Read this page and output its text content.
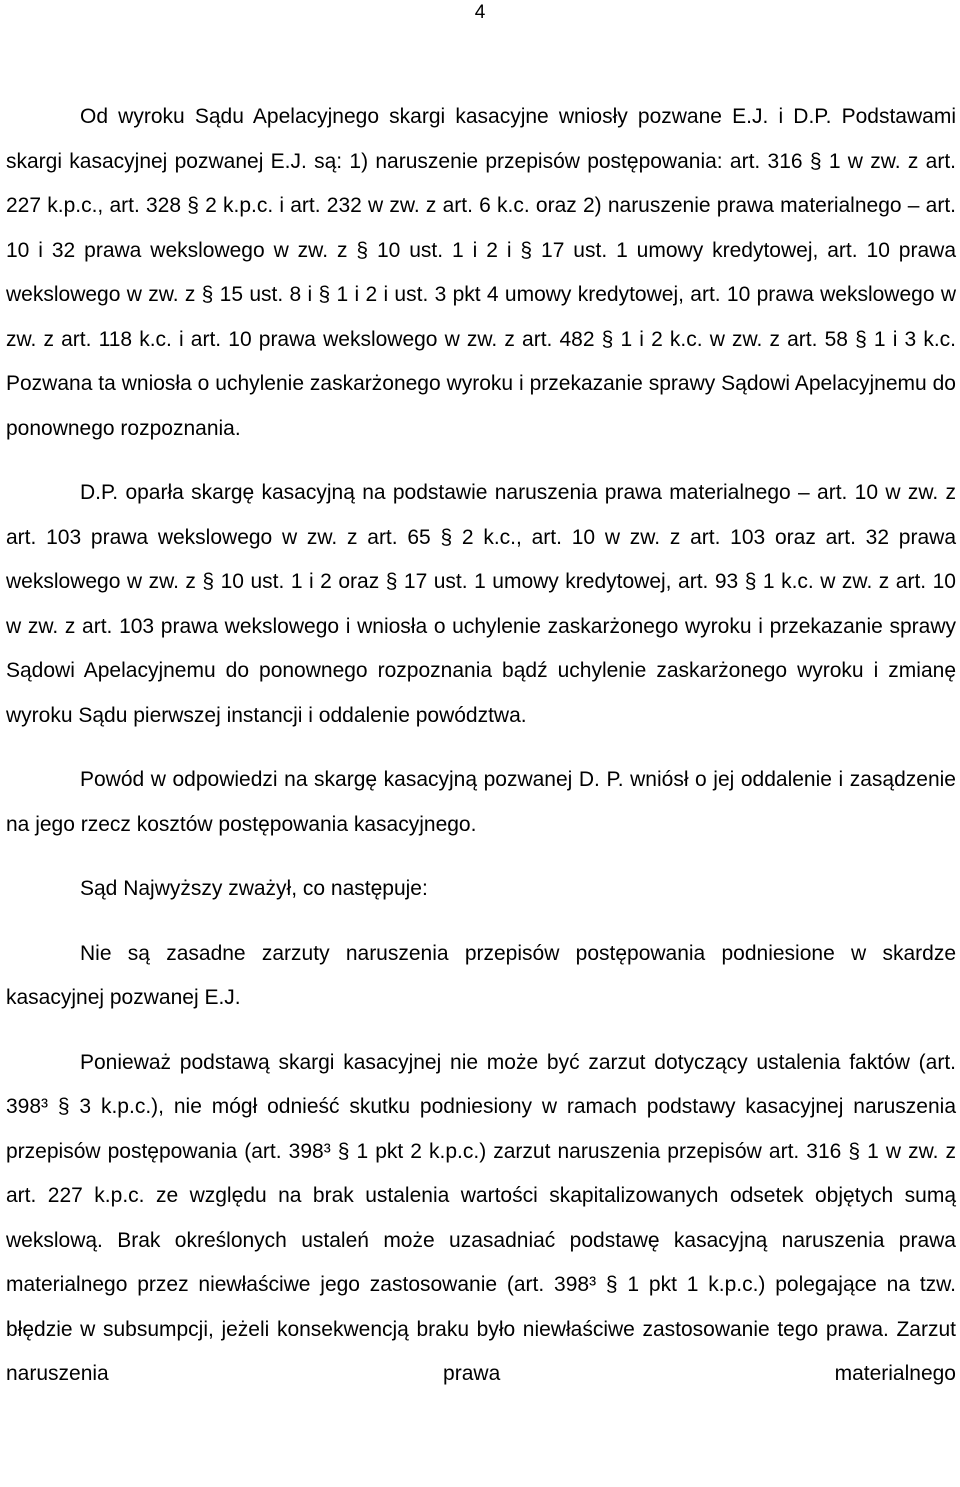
4

Od wyroku Sądu Apelacyjnego skargi kasacyjne wniosły pozwane E.J. i D.P. Podstawami skargi kasacyjnej pozwanej E.J. są: 1) naruszenie przepisów postępowania: art. 316 § 1 w zw. z art. 227 k.p.c., art. 328 § 2 k.p.c. i art. 232 w zw. z art. 6 k.c. oraz 2) naruszenie prawa materialnego – art. 10 i 32 prawa wekslowego w zw. z § 10 ust. 1 i 2 i § 17 ust. 1 umowy kredytowej, art. 10 prawa wekslowego w zw. z § 15 ust. 8 i § 1 i 2 i ust. 3 pkt 4 umowy kredytowej, art. 10 prawa wekslowego w zw. z art. 118 k.c. i art. 10 prawa wekslowego w zw. z art. 482 § 1 i 2 k.c. w zw. z art. 58 § 1 i 3 k.c. Pozwana ta wniosła o uchylenie zaskarżonego wyroku i przekazanie sprawy Sądowi Apelacyjnemu do ponownego rozpoznania.

D.P. oparła skargę kasacyjną na podstawie naruszenia prawa materialnego – art. 10 w zw. z art. 103 prawa wekslowego w zw. z art. 65 § 2 k.c., art. 10 w zw. z art. 103 oraz art. 32 prawa wekslowego w zw. z § 10 ust. 1 i 2 oraz § 17 ust. 1 umowy kredytowej, art. 93 § 1 k.c. w zw. z art. 10 w zw. z art. 103 prawa wekslowego i wniosła o uchylenie zaskarżonego wyroku i przekazanie sprawy Sądowi Apelacyjnemu do ponownego rozpoznania bądź uchylenie zaskarżonego wyroku i zmianę wyroku Sądu pierwszej instancji i oddalenie powództwa.

Powód w odpowiedzi na skargę kasacyjną pozwanej D. P. wniósł o jej oddalenie i zasądzenie na jego rzecz kosztów postępowania kasacyjnego.

Sąd Najwyższy zważył, co następuje:

Nie są zasadne zarzuty naruszenia przepisów postępowania podniesione w skardze kasacyjnej pozwanej E.J.

Ponieważ podstawą skargi kasacyjnej nie może być zarzut dotyczący ustalenia faktów (art. 398³ § 3 k.p.c.), nie mógł odnieść skutku podniesiony w ramach podstawy kasacyjnej naruszenia przepisów postępowania (art. 398³ § 1 pkt 2 k.p.c.) zarzut naruszenia przepisów art. 316 § 1 w zw. z art. 227 k.p.c. ze względu na brak ustalenia wartości skapitalizowanych odsetek objętych sumą wekslową. Brak określonych ustaleń może uzasadniać podstawę kasacyjną naruszenia prawa materialnego przez niewłaściwe jego zastosowanie (art. 398³ § 1 pkt 1 k.p.c.) polegające na tzw. błędzie w subsumpcji, jeżeli konsekwencją braku było niewłaściwe zastosowanie tego prawa. Zarzut naruszenia prawa materialnego
